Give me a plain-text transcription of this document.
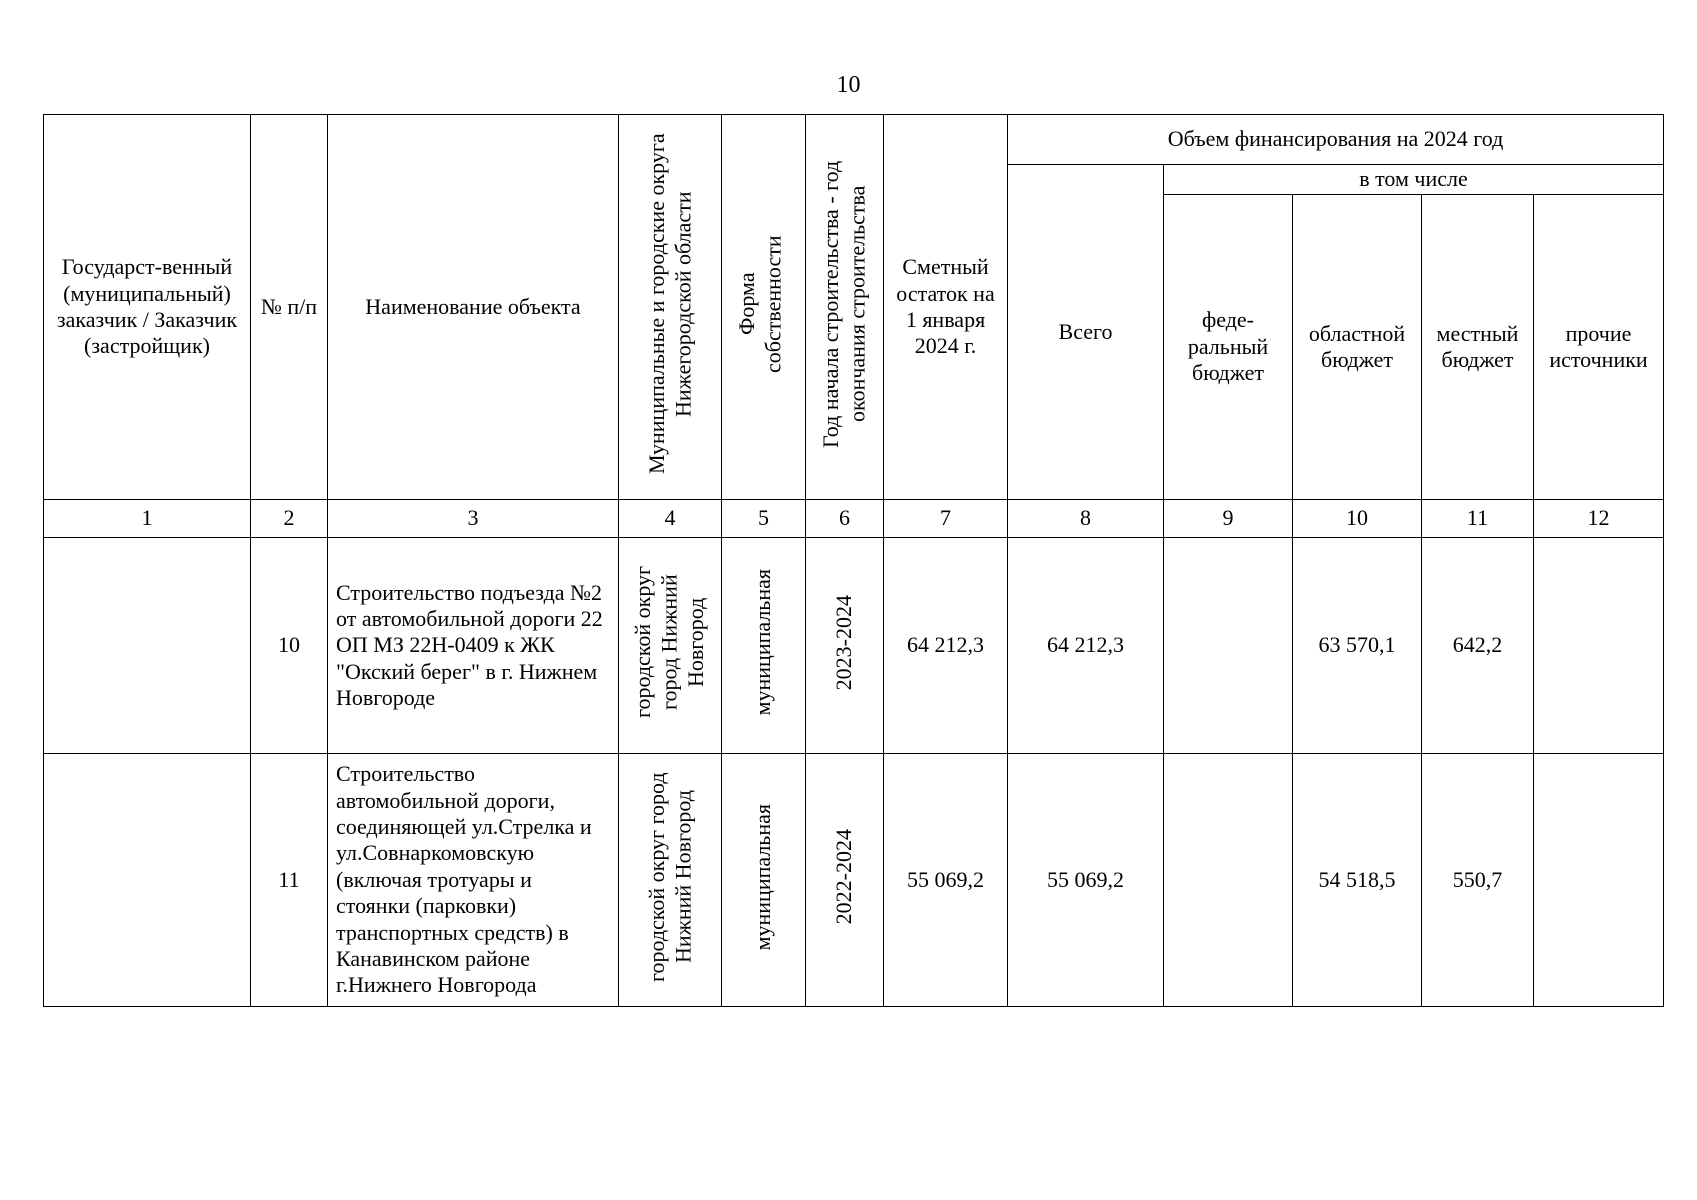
10
Государст-венный (муниципальный) заказчик / Заказчик (застройщик)	№ п/п	Наименование объекта	Муниципальные и городские округа Нижегородской области	Форма собственности	Год начала строительства - год окончания строительства	Сметный остаток на 1 января 2024 г.	Объем финансирования на 2024 год				
							Всего	в том числе			
								феде-ральный бюджет	областной бюджет	местный бюджет	прочие источники
1	2	3	4	5	6	7	8	9	10	11	12
	10	Строительство подъезда №2 от автомобильной дороги 22 ОП МЗ 22Н-0409 к ЖК "Окский берег" в г. Нижнем Новгороде	городской округ город Нижний Новгород	муниципальная	2023-2024	64 212,3	64 212,3		63 570,1	642,2	
	11	Строительство автомобильной дороги, соединяющей ул.Стрелка и ул.Совнаркомовскую (включая тротуары и стоянки (парковки) транспортных средств) в Канавинском районе г.Нижнего Новгорода	городской округ город Нижний Новгород	муниципальная	2022-2024	55 069,2	55 069,2		54 518,5	550,7	
